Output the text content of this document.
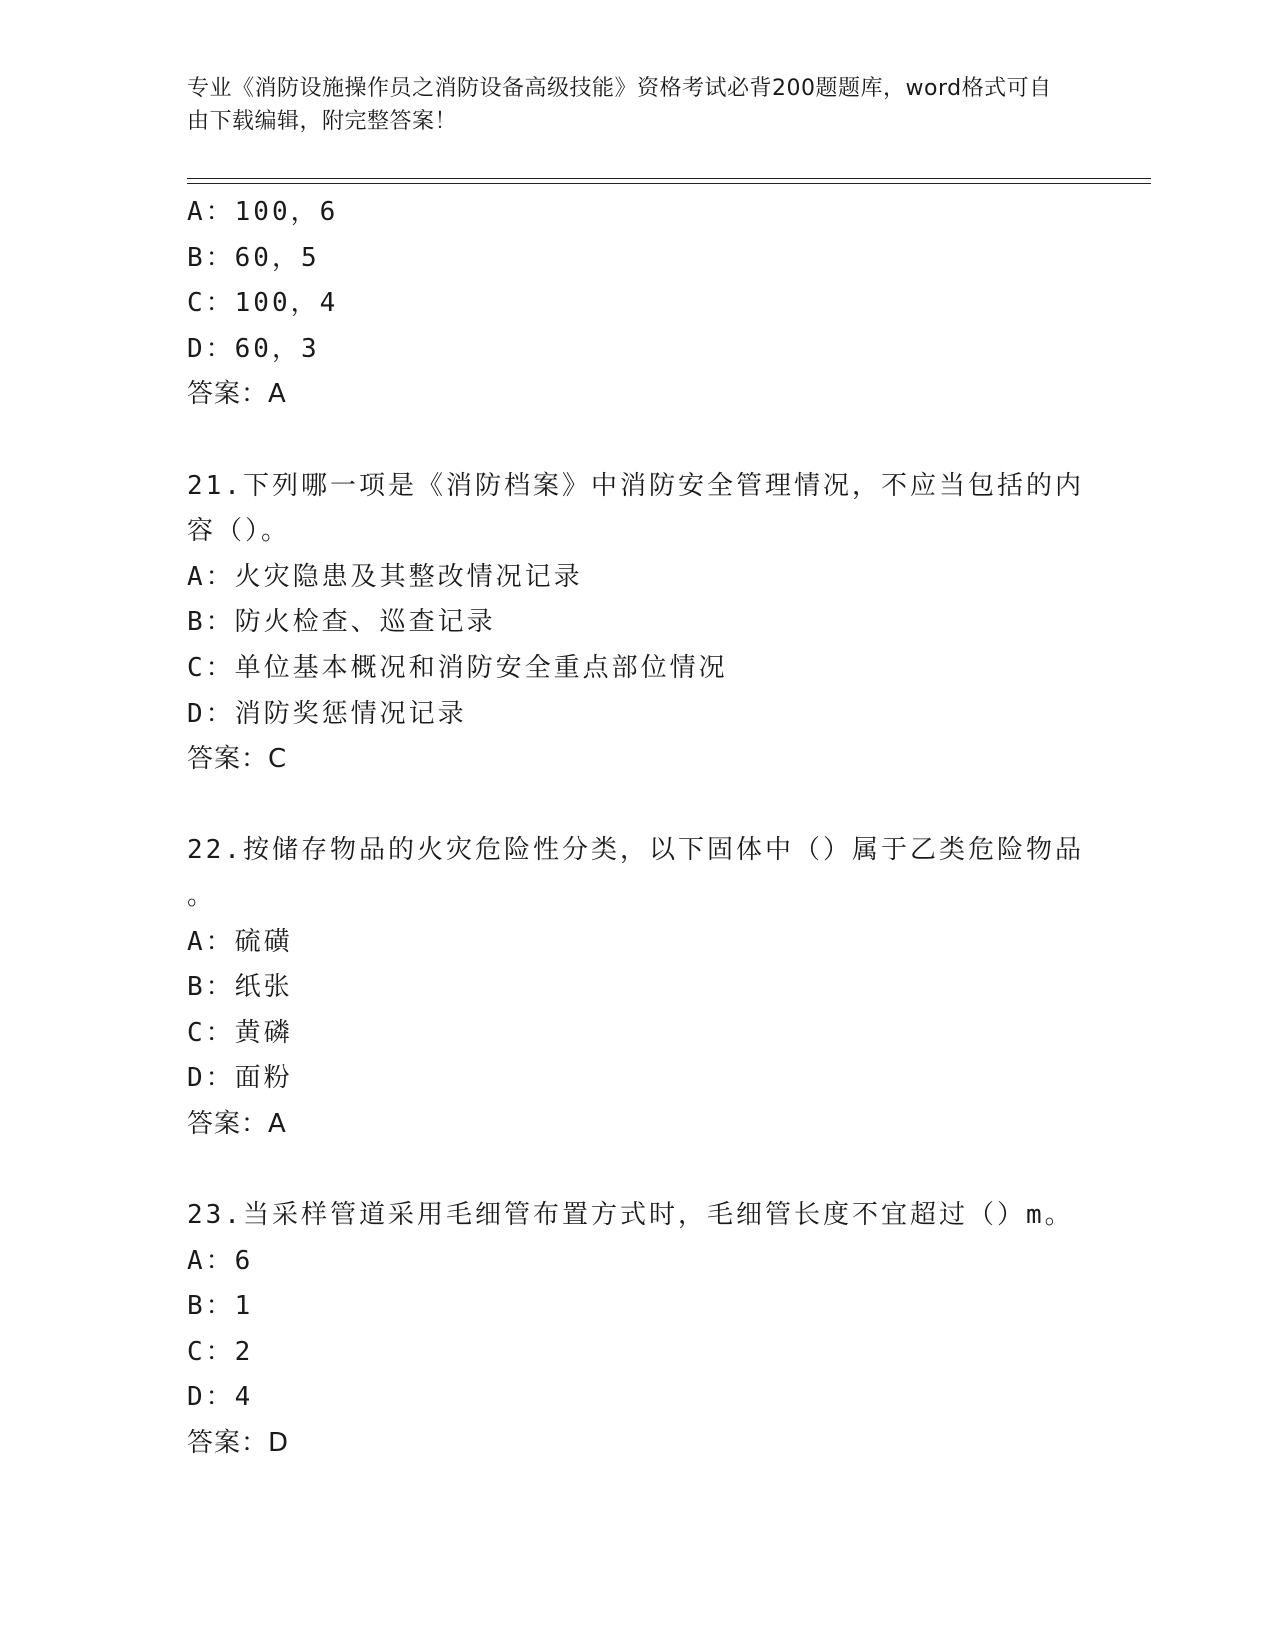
专业《消防设施操作员之消防设备高级技能》资格考试必背200题题库，word格式可自由下载编辑，附完整答案！
A：100，6
B：60，5
C：100，4
D：60，3
答案：A
21.下列哪一项是《消防档案》中消防安全管理情况，不应当包括的内
容（）。
A：火灾隐患及其整改情况记录
B：防火检查、巡查记录
C：单位基本概况和消防安全重点部位情况
D：消防奖惩情况记录
答案：C
22.按储存物品的火灾危险性分类，以下固体中（）属于乙类危险物品
。
A：硫磺
B：纸张
C：黄磷
D：面粉
答案：A
23.当采样管道采用毛细管布置方式时，毛细管长度不宜超过（）m。
A：6
B：1
C：2
D：4
答案：D
